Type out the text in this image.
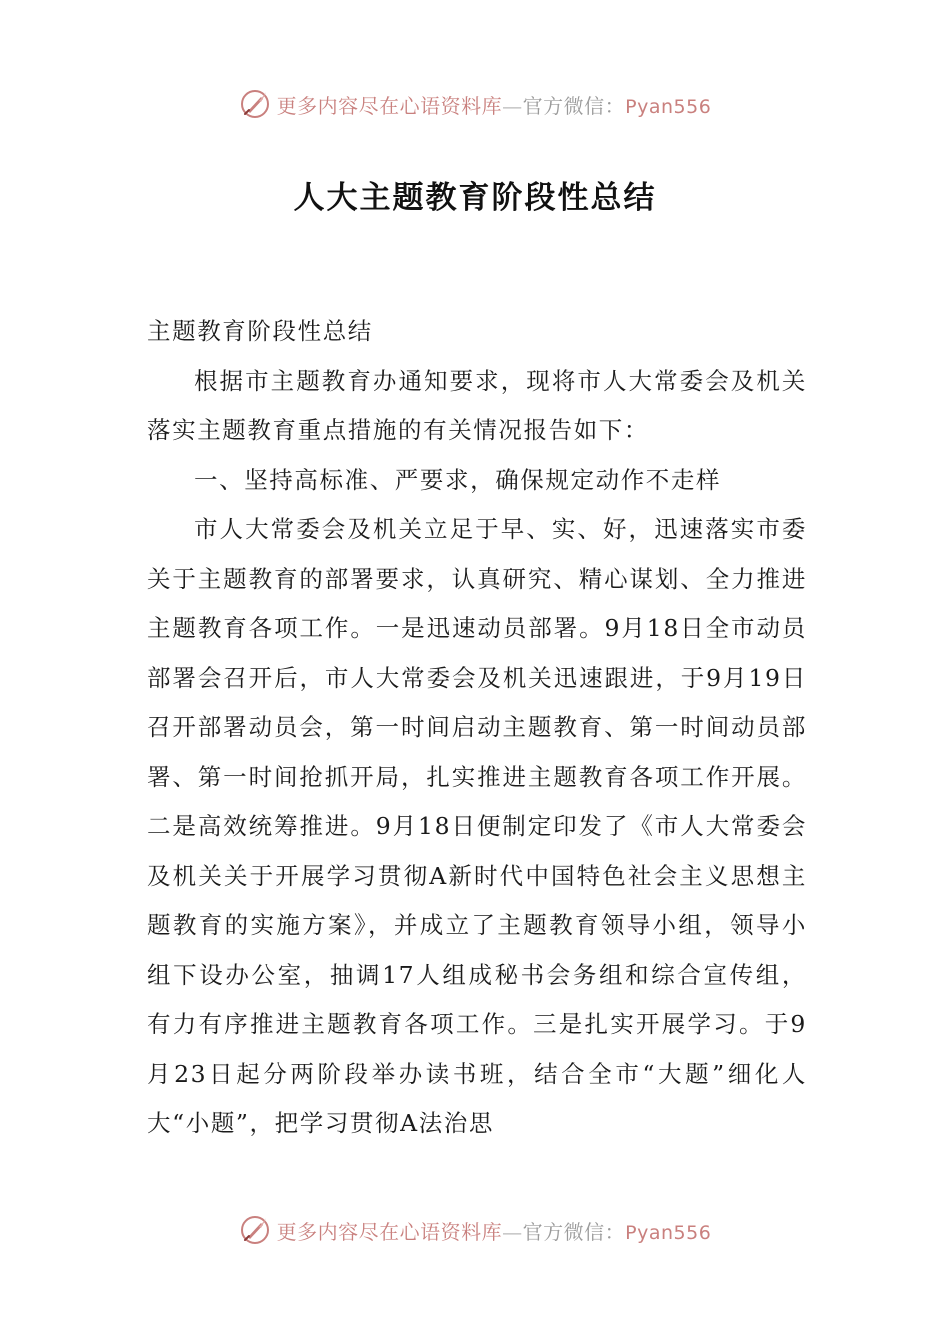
更多内容尽在心语资料库—官方微信：Pyan556
人大主题教育阶段性总结

主题教育阶段性总结

根据市主题教育办通知要求，现将市人大常委会及机关落实主题教育重点措施的有关情况报告如下：

一、坚持高标准、严要求，确保规定动作不走样

市人大常委会及机关立足于早、实、好，迅速落实市委关于主题教育的部署要求，认真研究、精心谋划、全力推进主题教育各项工作。一是迅速动员部署。9月18日全市动员部署会召开后，市人大常委会及机关迅速跟进，于9月19日召开部署动员会，第一时间启动主题教育、第一时间动员部署、第一时间抢抓开局，扎实推进主题教育各项工作开展。二是高效统筹推进。9月18日便制定印发了《市人大常委会及机关关于开展学习贯彻A新时代中国特色社会主义思想主题教育的实施方案》，并成立了主题教育领导小组，领导小组下设办公室，抽调17人组成秘书会务组和综合宣传组，有力有序推进主题教育各项工作。三是扎实开展学习。于9月23日起分两阶段举办读书班，结合全市“大题”细化人大“小题”，把学习贯彻A法治思

更多内容尽在心语资料库—官方微信：Pyan556
